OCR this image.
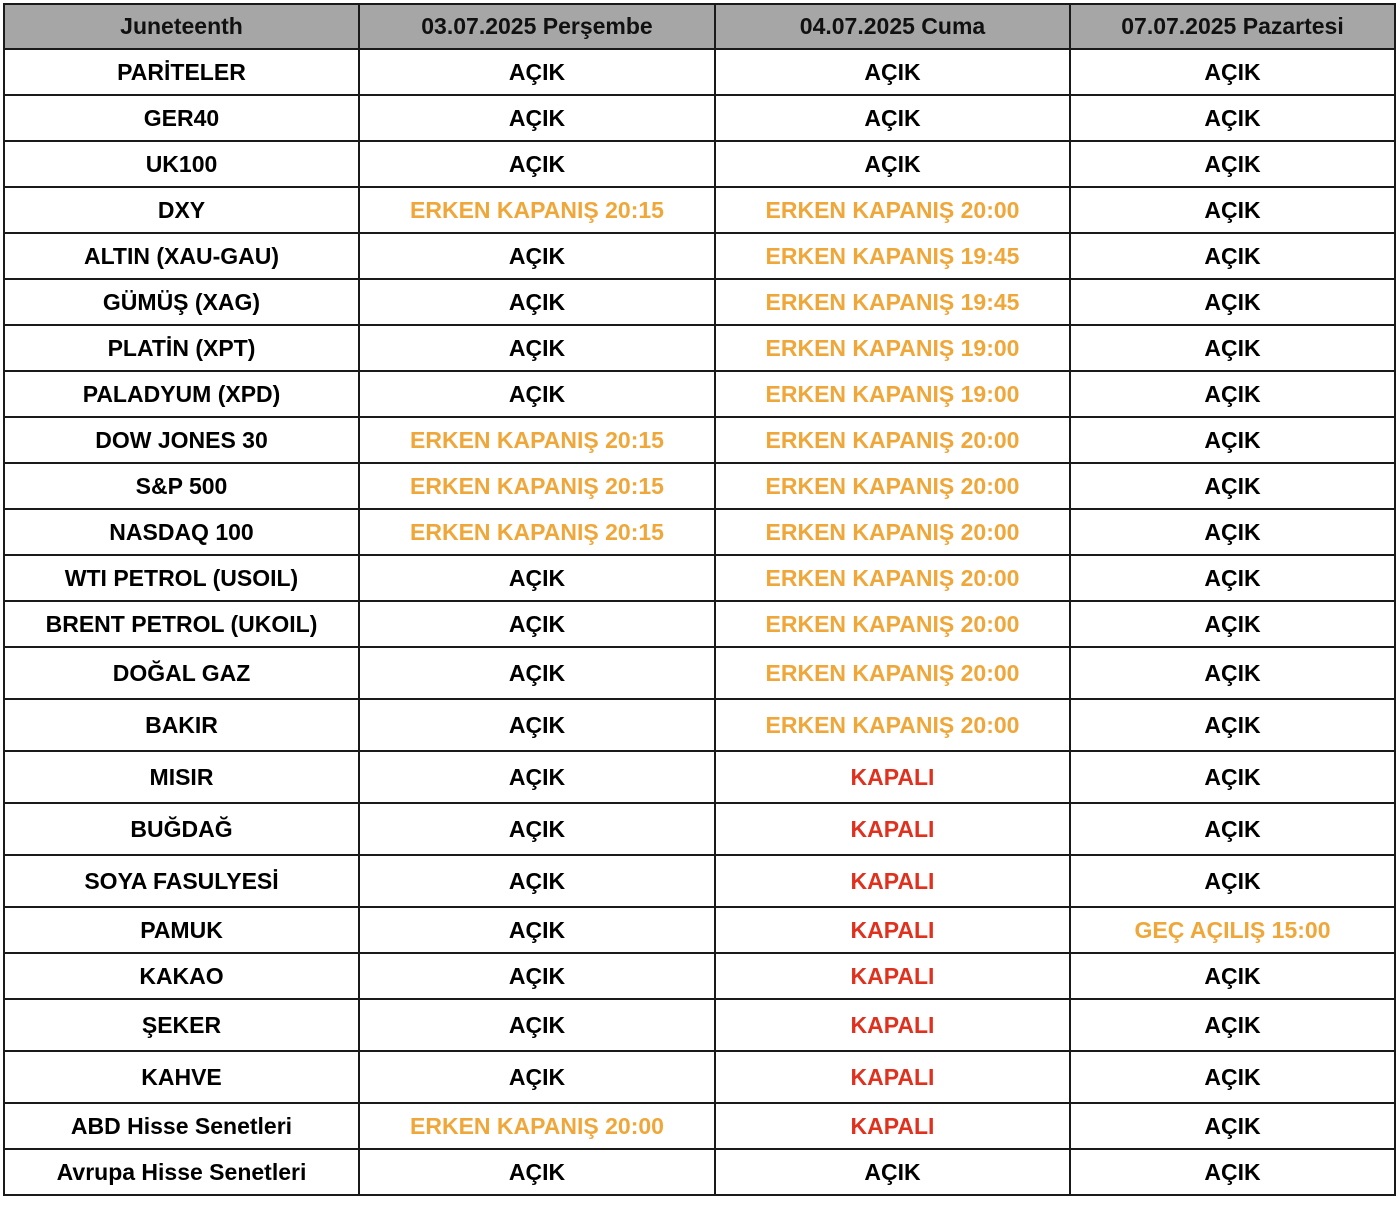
Juneteenth	03.07.2025 Perşembe	04.07.2025 Cuma	07.07.2025 Pazartesi
PARİTELER	AÇIK	AÇIK	AÇIK
GER40	AÇIK	AÇIK	AÇIK
UK100	AÇIK	AÇIK	AÇIK
DXY	ERKEN KAPANIŞ 20:15	ERKEN KAPANIŞ 20:00	AÇIK
ALTIN (XAU-GAU)	AÇIK	ERKEN KAPANIŞ 19:45	AÇIK
GÜMÜŞ (XAG)	AÇIK	ERKEN KAPANIŞ 19:45	AÇIK
PLATİN (XPT)	AÇIK	ERKEN KAPANIŞ 19:00	AÇIK
PALADYUM (XPD)	AÇIK	ERKEN KAPANIŞ 19:00	AÇIK
DOW JONES 30	ERKEN KAPANIŞ 20:15	ERKEN KAPANIŞ 20:00	AÇIK
S&P 500	ERKEN KAPANIŞ 20:15	ERKEN KAPANIŞ 20:00	AÇIK
NASDAQ 100	ERKEN KAPANIŞ 20:15	ERKEN KAPANIŞ 20:00	AÇIK
WTI PETROL (USOIL)	AÇIK	ERKEN KAPANIŞ 20:00	AÇIK
BRENT PETROL (UKOIL)	AÇIK	ERKEN KAPANIŞ 20:00	AÇIK
DOĞAL GAZ	AÇIK	ERKEN KAPANIŞ 20:00	AÇIK
BAKIR	AÇIK	ERKEN KAPANIŞ 20:00	AÇIK
MISIR	AÇIK	KAPALI	AÇIK
BUĞDAĞ	AÇIK	KAPALI	AÇIK
SOYA FASULYESİ	AÇIK	KAPALI	AÇIK
PAMUK	AÇIK	KAPALI	GEÇ AÇILIŞ 15:00
KAKAO	AÇIK	KAPALI	AÇIK
ŞEKER	AÇIK	KAPALI	AÇIK
KAHVE	AÇIK	KAPALI	AÇIK
ABD Hisse Senetleri	ERKEN KAPANIŞ 20:00	KAPALI	AÇIK
Avrupa Hisse Senetleri	AÇIK	AÇIK	AÇIK
